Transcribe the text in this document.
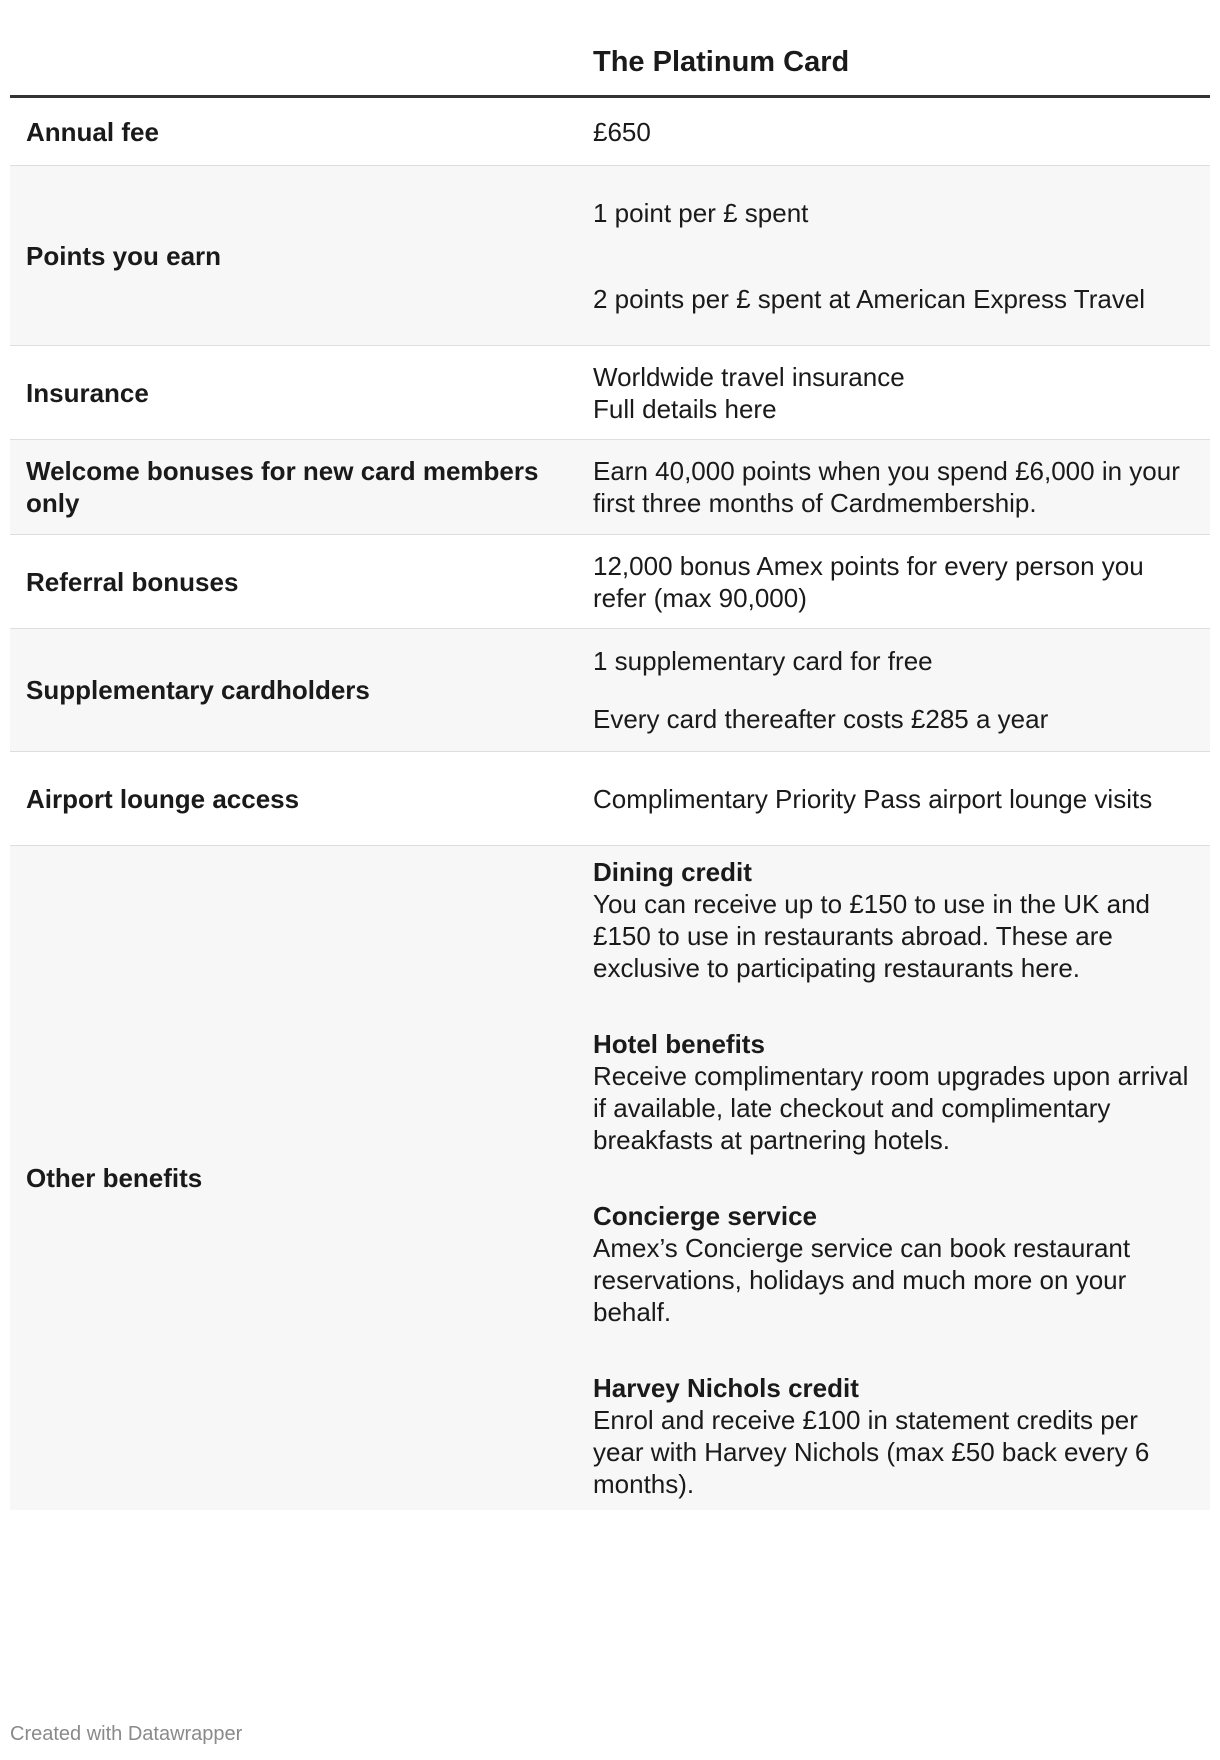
The Platinum Card
Annual fee	£650

Points you earn

1 point per £ spent

2 points per £ spent at American Express Travel

Insurance

Worldwide travel insurance

Full details here

Welcome bonuses for new card members only

Earn 40,000 points when you spend £6,000 in your first three months of Cardmembership.

Referral bonuses

12,000 bonus Amex points for every person you refer (max 90,000)

Supplementary cardholders

1 supplementary card for free

Every card thereafter costs £285 a year

Airport lounge access	Complimentary Priority Pass airport lounge visits

Other benefits

Dining credit

You can receive up to £150 to use in the UK and £150 to use in restaurants abroad. These are exclusive to participating restaurants here.

Hotel benefits

Receive complimentary room upgrades upon arrival if available, late checkout and complimentary breakfasts at partnering hotels.

Concierge service

Amex’s Concierge service can book restaurant reservations, holidays and much more on your behalf.

Harvey Nichols credit

Enrol and receive £100 in statement credits per year with Harvey Nichols (max £50 back every 6 months).

Created with Datawrapper
